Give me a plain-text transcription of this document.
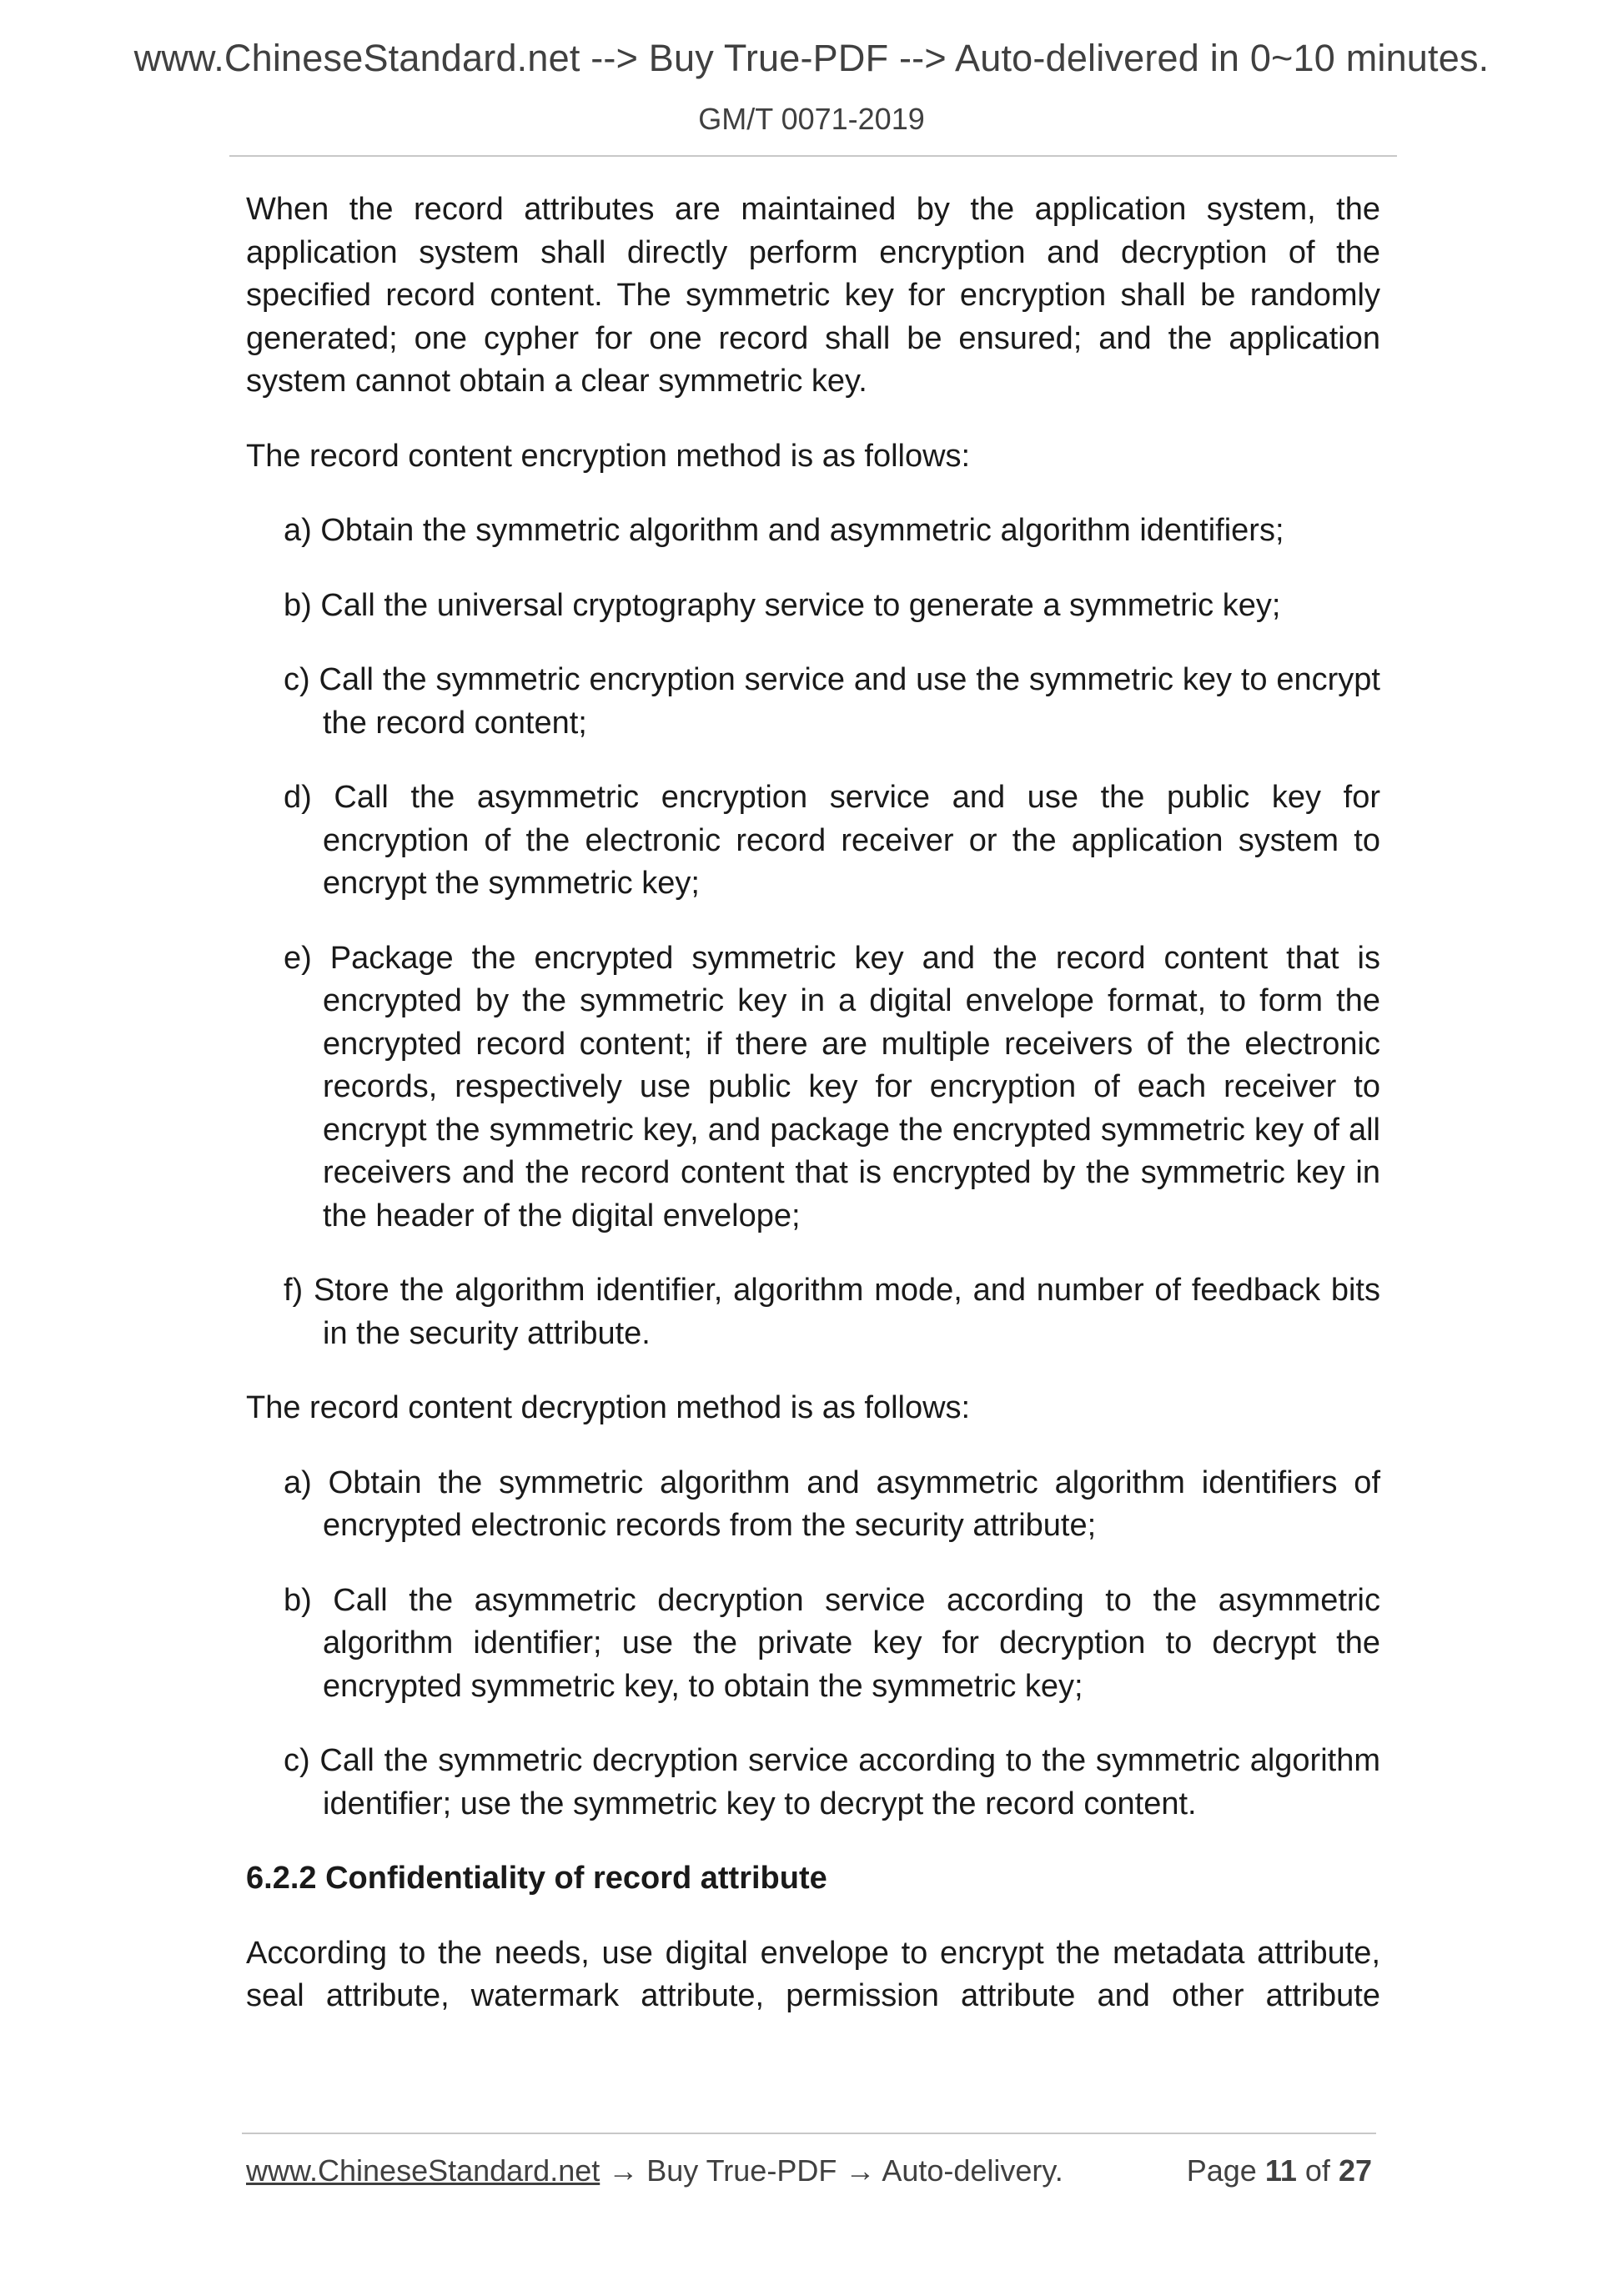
www.ChineseStandard.net --> Buy True-PDF --> Auto-delivered in 0~10 minutes.
GM/T 0071-2019

When the record attributes are maintained by the application system, the application system shall directly perform encryption and decryption of the specified record content. The symmetric key for encryption shall be randomly generated; one cypher for one record shall be ensured; and the application system cannot obtain a clear symmetric key.

The record content encryption method is as follows:

a) Obtain the symmetric algorithm and asymmetric algorithm identifiers;
b) Call the universal cryptography service to generate a symmetric key;
c) Call the symmetric encryption service and use the symmetric key to encrypt the record content;
d) Call the asymmetric encryption service and use the public key for encryption of the electronic record receiver or the application system to encrypt the symmetric key;
e) Package the encrypted symmetric key and the record content that is encrypted by the symmetric key in a digital envelope format, to form the encrypted record content; if there are multiple receivers of the electronic records, respectively use public key for encryption of each receiver to encrypt the symmetric key, and package the encrypted symmetric key of all receivers and the record content that is encrypted by the symmetric key in the header of the digital envelope;
f) Store the algorithm identifier, algorithm mode, and number of feedback bits in the security attribute.

The record content decryption method is as follows:

a) Obtain the symmetric algorithm and asymmetric algorithm identifiers of encrypted electronic records from the security attribute;
b) Call the asymmetric decryption service according to the asymmetric algorithm identifier; use the private key for decryption to decrypt the encrypted symmetric key, to obtain the symmetric key;
c) Call the symmetric decryption service according to the symmetric algorithm identifier; use the symmetric key to decrypt the record content.

6.2.2 Confidentiality of record attribute

According to the needs, use digital envelope to encrypt the metadata attribute, seal attribute, watermark attribute, permission attribute and other attribute

www.ChineseStandard.net → Buy True-PDF → Auto-delivery.	Page 11 of 27
